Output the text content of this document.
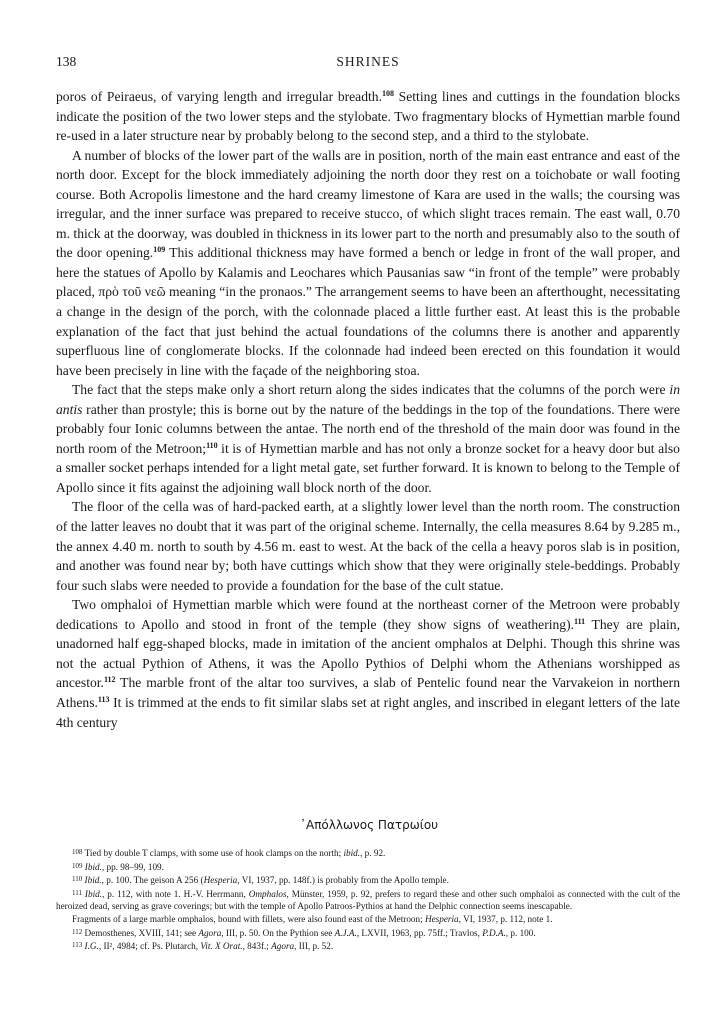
138	SHRINES

poros of Peiraeus, of varying length and irregular breadth.$^{108}$ Setting lines and cuttings in the foundation blocks indicate the position of the two lower steps and the stylobate. Two fragmentary blocks of Hymettian marble found re-used in a later structure near by probably belong to the second step, and a third to the stylobate.

A number of blocks of the lower part of the walls are in position, north of the main east entrance and east of the north door. Except for the block immediately adjoining the north door they rest on a toichobate or wall footing course. Both Acropolis limestone and the hard creamy limestone of Kara are used in the walls; the coursing was irregular, and the inner surface was prepared to receive stucco, of which slight traces remain. The east wall, 0.70 m. thick at the doorway, was doubled in thickness in its lower part to the north and presumably also to the south of the door opening.$^{109}$ This additional thickness may have formed a bench or ledge in front of the wall proper, and here the statues of Apollo by Kalamis and Leochares which Pausanias saw “in front of the temple” were probably placed, πρὸ τοῦ νεῶ meaning “in the pronaos.” The arrangement seems to have been an afterthought, necessitating a change in the design of the porch, with the colonnade placed a little further east. At least this is the probable explanation of the fact that just behind the actual foundations of the columns there is another and apparently superfluous line of conglomerate blocks. If the colonnade had indeed been erected on this foundation it would have been precisely in line with the façade of the neighboring stoa.

The fact that the steps make only a short return along the sides indicates that the columns of the porch were in antis rather than prostyle; this is borne out by the nature of the beddings in the top of the foundations. There were probably four Ionic columns between the antae. The north end of the threshold of the main door was found in the north room of the Metroon;$^{110}$ it is of Hymettian marble and has not only a bronze socket for a heavy door but also a smaller socket perhaps intended for a light metal gate, set further forward. It is known to belong to the Temple of Apollo since it fits against the adjoining wall block north of the door.

The floor of the cella was of hard-packed earth, at a slightly lower level than the north room. The construction of the latter leaves no doubt that it was part of the original scheme. Internally, the cella measures 8.64 by 9.285 m., the annex 4.40 m. north to south by 4.56 m. east to west. At the back of the cella a heavy poros slab is in position, and another was found near by; both have cuttings which show that they were originally stele-beddings. Probably four such slabs were needed to provide a foundation for the base of the cult statue.

Two omphaloi of Hymettian marble which were found at the northeast corner of the Metroon were probably dedications to Apollo and stood in front of the temple (they show signs of weathering).$^{111}$ They are plain, unadorned half egg-shaped blocks, made in imitation of the ancient omphalos at Delphi. Though this shrine was not the actual Pythion of Athens, it was the Apollo Pythios of Delphi whom the Athenians worshipped as ancestor.$^{112}$ The marble front of the altar too survives, a slab of Pentelic found near the Varvakeion in northern Athens.$^{113}$ It is trimmed at the ends to fit similar slabs set at right angles, and inscribed in elegant letters of the late 4th century

᾿Απόλλωνος Πατρωίου

$^{108}$ Tied by double T clamps, with some use of hook clamps on the north; ibid., p. 92.

$^{109}$ Ibid., pp. 98–99, 109.

$^{110}$ Ibid., p. 100. The geison A 256 (Hesperia, VI, 1937, pp. 148f.) is probably from the Apollo temple.

$^{111}$ Ibid., p. 112, with note 1. H.-V. Herrmann, Omphalos, Münster, 1959, p. 92, prefers to regard these and other such omphaloi as connected with the cult of the heroized dead, serving as grave coverings; but with the temple of Apollo Patroos-Pythios at hand the Delphic connection seems inescapable.

Fragments of a large marble omphalos, bound with fillets, were also found east of the Metroon; Hesperia, VI, 1937, p. 112, note 1.

$^{112}$ Demosthenes, XVIII, 141; see Agora, III, p. 50. On the Pythion see A.J.A., LXVII, 1963, pp. 75ff.; Travlos, P.D.A., p. 100.

$^{113}$ I.G., II², 4984; cf. Ps. Plutarch, Vit. X Orat., 843f.; Agora, III, p. 52.
